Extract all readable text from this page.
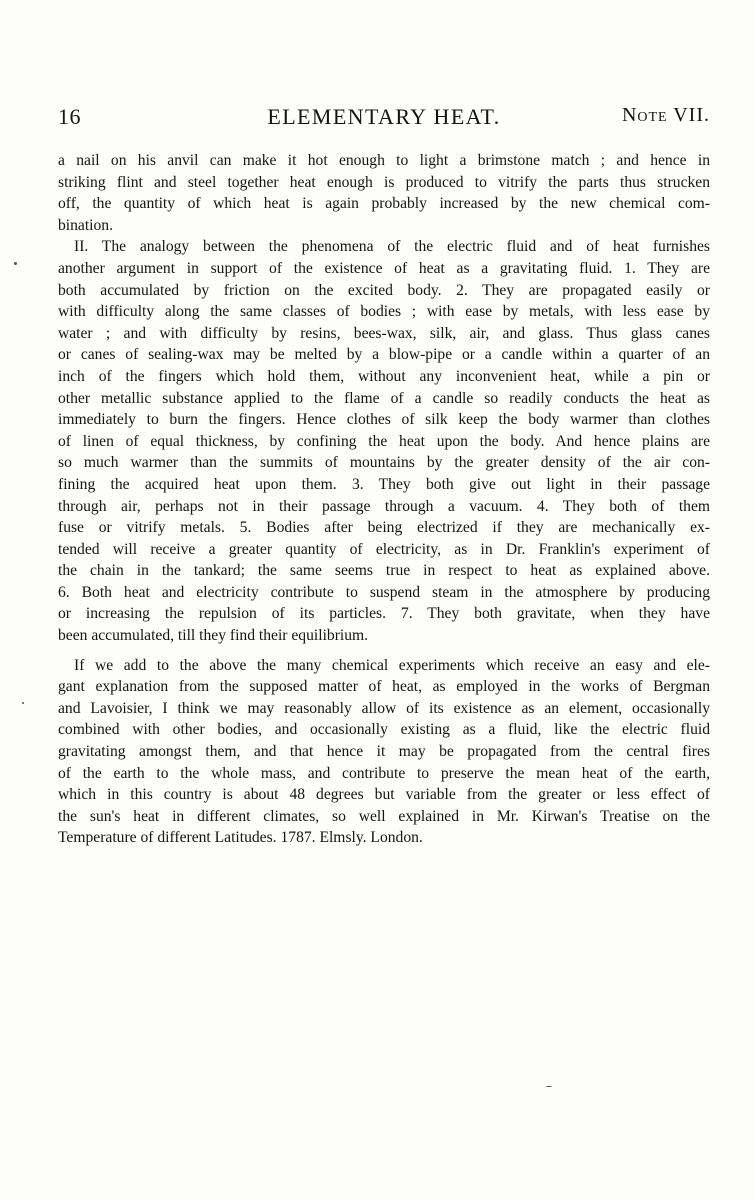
16	ELEMENTARY HEAT.	Note VII.
a nail on his anvil can make it hot enough to light a brimstone match ; and hence in
striking flint and steel together heat enough is produced to vitrify the parts thus strucken
off, the quantity of which heat is again probably increased by the new chemical com-
bination.
II. The analogy between the phenomena of the electric fluid and of heat furnishes
another argument in support of the existence of heat as a gravitating fluid. 1. They are
both accumulated by friction on the excited body. 2. They are propagated easily or
with difficulty along the same classes of bodies ; with ease by metals, with less ease by
water ; and with difficulty by resins, bees-wax, silk, air, and glass. Thus glass canes
or canes of sealing-wax may be melted by a blow-pipe or a candle within a quarter of an
inch of the fingers which hold them, without any inconvenient heat, while a pin or
other metallic substance applied to the flame of a candle so readily conducts the heat as
immediately to burn the fingers. Hence clothes of silk keep the body warmer than clothes
of linen of equal thickness, by confining the heat upon the body. And hence plains are
so much warmer than the summits of mountains by the greater density of the air con-
fining the acquired heat upon them. 3. They both give out light in their passage
through air, perhaps not in their passage through a vacuum. 4. They both of them
fuse or vitrify metals. 5. Bodies after being electrized if they are mechanically ex-
tended will receive a greater quantity of electricity, as in Dr. Franklin's experiment of
the chain in the tankard; the same seems true in respect to heat as explained above.
6. Both heat and electricity contribute to suspend steam in the atmosphere by producing
or increasing the repulsion of its particles. 7. They both gravitate, when they have
been accumulated, till they find their equilibrium.
If we add to the above the many chemical experiments which receive an easy and ele-
gant explanation from the supposed matter of heat, as employed in the works of Bergman
and Lavoisier, I think we may reasonably allow of its existence as an element, occasionally
combined with other bodies, and occasionally existing as a fluid, like the electric fluid
gravitating amongst them, and that hence it may be propagated from the central fires
of the earth to the whole mass, and contribute to preserve the mean heat of the earth,
which in this country is about 48 degrees but variable from the greater or less effect of
the sun's heat in different climates, so well explained in Mr. Kirwan's Treatise on the
Temperature of different Latitudes. 1787. Elmsly. London.
